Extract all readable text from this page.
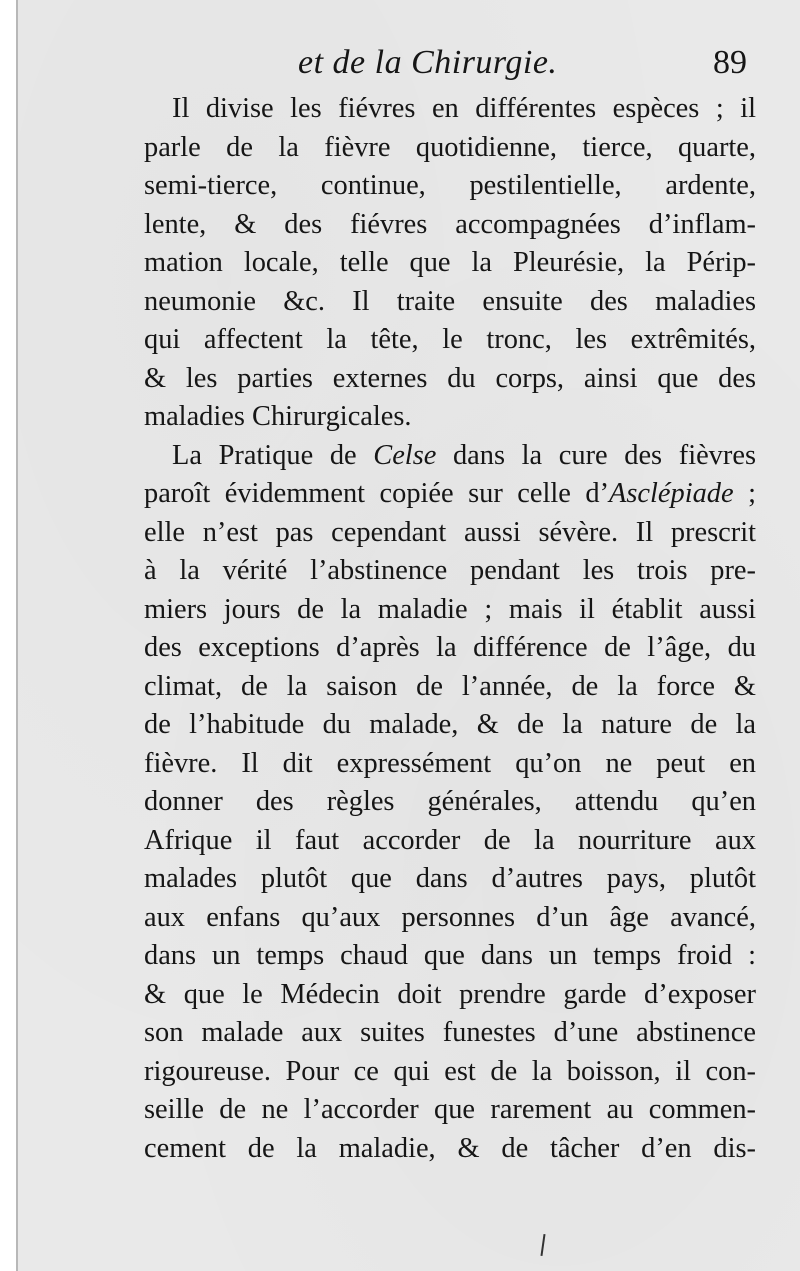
et de la Chirurgie.	89
Il divise les fiévres en différentes espèces ; il
parle de la fièvre quotidienne, tierce, quarte,
semi-tierce, continue, pestilentielle, ardente,
lente, & des fiévres accompagnées d’inflam-
mation locale, telle que la Pleurésie, la Périp-
neumonie &c. Il traite ensuite des maladies
qui affectent la tête, le tronc, les extrêmités,
& les parties externes du corps, ainsi que des
maladies Chirurgicales.
La Pratique de Celse dans la cure des fièvres
paroît évidemment copiée sur celle d’Asclépiade ;
elle n’est pas cependant aussi sévère. Il prescrit
à la vérité l’abstinence pendant les trois pre-
miers jours de la maladie ; mais il établit aussi
des exceptions d’après la différence de l’âge, du
climat, de la saison de l’année, de la force &
de l’habitude du malade, & de la nature de la
fièvre. Il dit expressément qu’on ne peut en
donner des règles générales, attendu qu’en
Afrique il faut accorder de la nourriture aux
malades plutôt que dans d’autres pays, plutôt
aux enfans qu’aux personnes d’un âge avancé,
dans un temps chaud que dans un temps froid :
& que le Médecin doit prendre garde d’exposer
son malade aux suites funestes d’une abstinence
rigoureuse. Pour ce qui est de la boisson, il con-
seille de ne l’accorder que rarement au commen-
cement de la maladie, & de tâcher d’en dis-
